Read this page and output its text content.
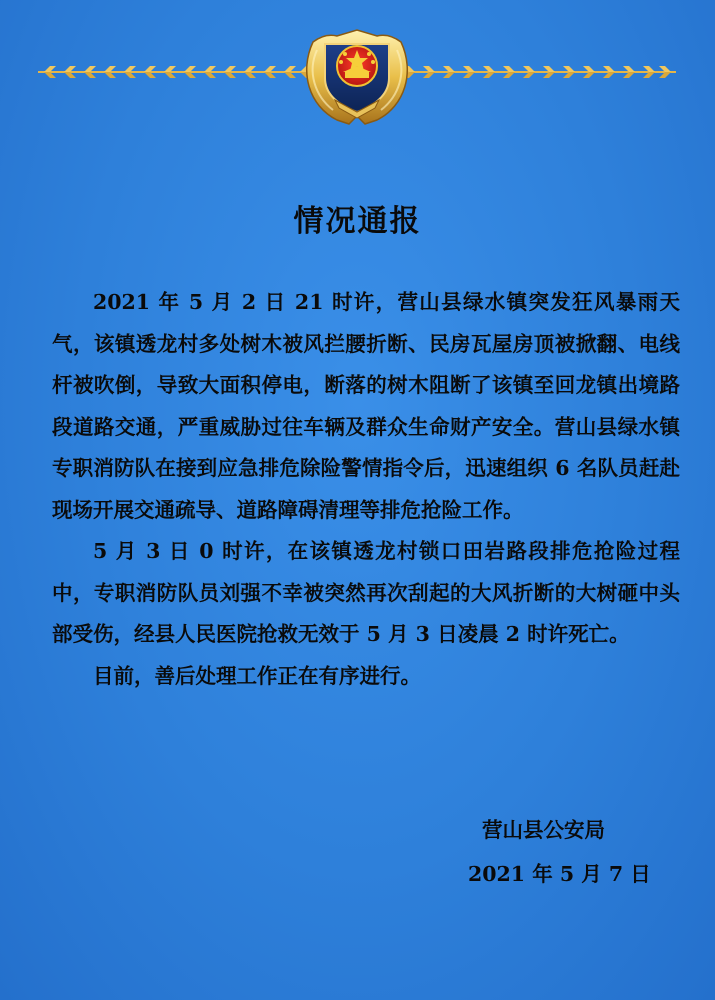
情况通报

2021 年 5 月 2 日 21 时许，营山县绿水镇突发狂风暴雨天气，该镇透龙村多处树木被风拦腰折断、民房瓦屋房顶被掀翻、电线杆被吹倒，导致大面积停电，断落的树木阻断了该镇至回龙镇出境路段道路交通，严重威胁过往车辆及群众生命财产安全。营山县绿水镇专职消防队在接到应急排危除险警情指令后，迅速组织 6 名队员赶赴现场开展交通疏导、道路障碍清理等排危抢险工作。

5 月 3 日 0 时许，在该镇透龙村锁口田岩路段排危抢险过程中，专职消防队员刘强不幸被突然再次刮起的大风折断的大树砸中头部受伤，经县人民医院抢救无效于 5 月 3 日凌晨 2 时许死亡。

目前，善后处理工作正在有序进行。

营山县公安局
2021 年 5 月 7 日
